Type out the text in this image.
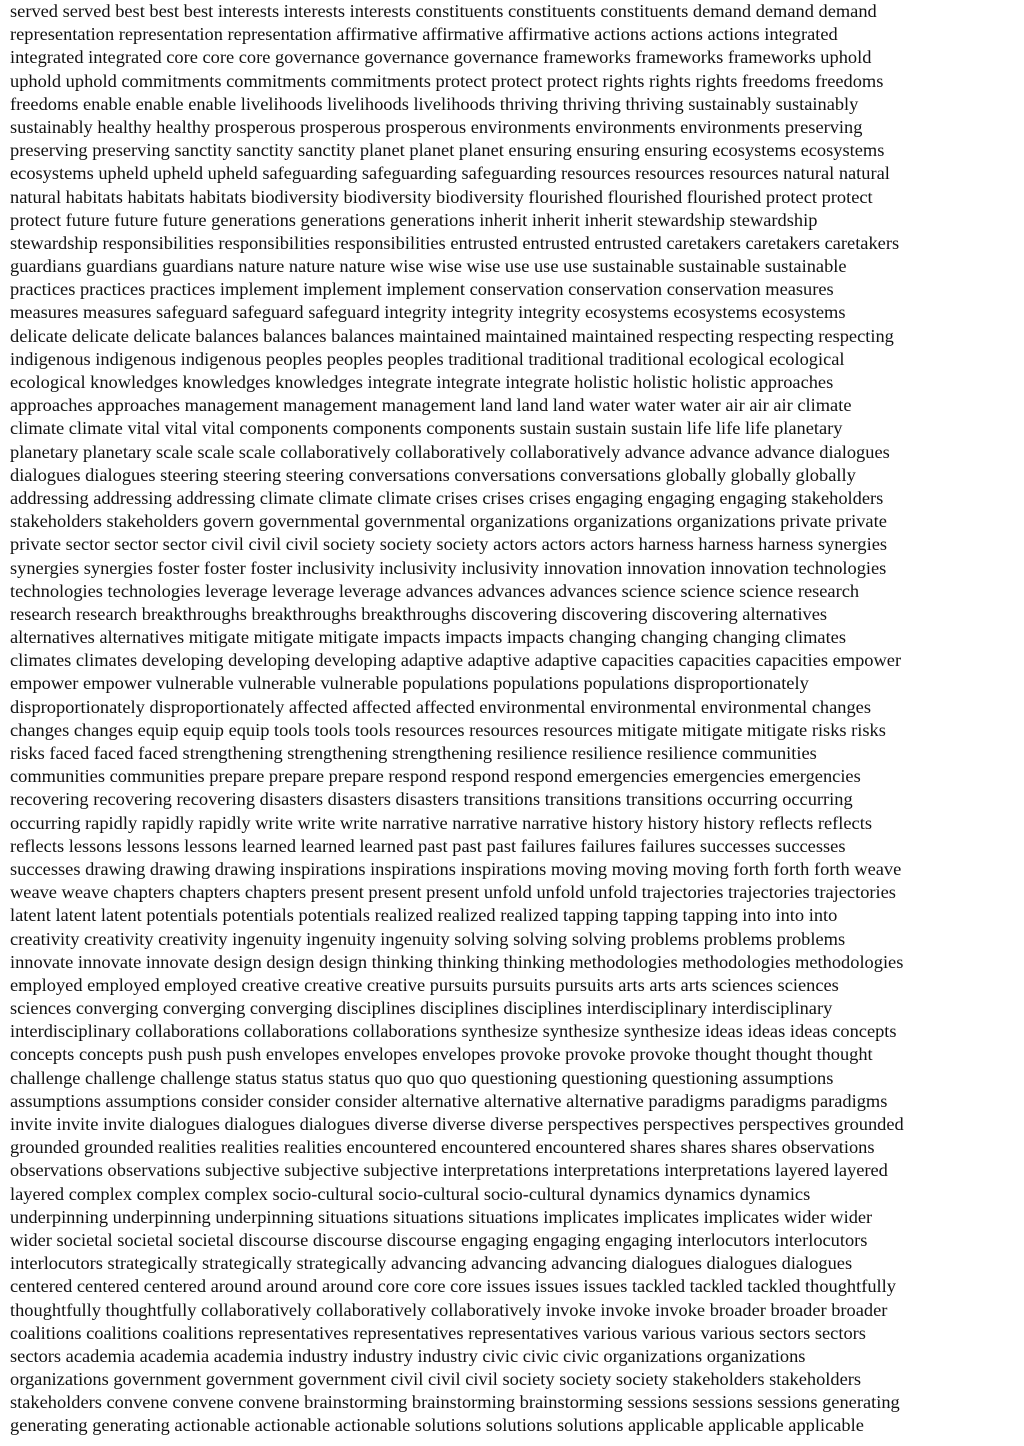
served served best best best interests interests interests constituents constituents constituents demand demand demand
representation representation representation affirmative affirmative affirmative actions actions actions integrated
integrated integrated core core core governance governance governance frameworks frameworks frameworks uphold
uphold uphold commitments commitments commitments protect protect protect rights rights rights freedoms freedoms
freedoms enable enable enable livelihoods livelihoods livelihoods thriving thriving thriving sustainably sustainably
sustainably healthy healthy prosperous prosperous prosperous environments environments environments preserving
preserving preserving sanctity sanctity sanctity planet planet planet ensuring ensuring ensuring ecosystems ecosystems
ecosystems upheld upheld upheld safeguarding safeguarding safeguarding resources resources resources natural natural
natural habitats habitats habitats biodiversity biodiversity biodiversity flourished flourished flourished protect protect
protect future future future generations generations generations inherit inherit inherit stewardship stewardship
stewardship responsibilities responsibilities responsibilities entrusted entrusted entrusted caretakers caretakers caretakers
guardians guardians guardians nature nature nature wise wise wise use use use sustainable sustainable sustainable
practices practices practices implement implement implement conservation conservation conservation measures
measures measures safeguard safeguard safeguard integrity integrity integrity ecosystems ecosystems ecosystems
delicate delicate delicate balances balances balances maintained maintained maintained respecting respecting respecting
indigenous indigenous indigenous peoples peoples peoples traditional traditional traditional ecological ecological
ecological knowledges knowledges knowledges integrate integrate integrate holistic holistic holistic approaches
approaches approaches management management management land land land water water water air air air climate
climate climate vital vital vital components components components sustain sustain sustain life life life planetary
planetary planetary scale scale scale collaboratively collaboratively collaboratively advance advance advance dialogues
dialogues dialogues steering steering steering conversations conversations conversations globally globally globally
addressing addressing addressing climate climate climate crises crises crises engaging engaging engaging stakeholders
stakeholders stakeholders govern governmental governmental organizations organizations organizations private private
private sector sector sector civil civil civil society society society actors actors actors harness harness harness synergies
synergies synergies foster foster foster inclusivity inclusivity inclusivity innovation innovation innovation technologies
technologies technologies leverage leverage leverage advances advances advances science science science research
research research breakthroughs breakthroughs breakthroughs discovering discovering discovering alternatives
alternatives alternatives mitigate mitigate mitigate impacts impacts impacts changing changing changing climates
climates climates developing developing developing adaptive adaptive adaptive capacities capacities capacities empower
empower empower vulnerable vulnerable vulnerable populations populations populations disproportionately
disproportionately disproportionately affected affected affected environmental environmental environmental changes
changes changes equip equip equip tools tools tools resources resources resources mitigate mitigate mitigate risks risks
risks faced faced faced strengthening strengthening strengthening resilience resilience resilience communities
communities communities prepare prepare prepare respond respond respond emergencies emergencies emergencies
recovering recovering recovering disasters disasters disasters transitions transitions transitions occurring occurring
occurring rapidly rapidly rapidly write write write narrative narrative narrative history history history reflects reflects
reflects lessons lessons lessons learned learned learned past past past failures failures failures successes successes
successes drawing drawing drawing inspirations inspirations inspirations moving moving moving forth forth forth weave
weave weave chapters chapters chapters present present present unfold unfold unfold trajectories trajectories trajectories
latent latent latent potentials potentials potentials realized realized realized tapping tapping tapping into into into
creativity creativity creativity ingenuity ingenuity ingenuity solving solving solving problems problems problems
innovate innovate innovate design design design thinking thinking thinking methodologies methodologies methodologies
employed employed employed creative creative creative pursuits pursuits pursuits arts arts arts sciences sciences
sciences converging converging converging disciplines disciplines disciplines interdisciplinary interdisciplinary
interdisciplinary collaborations collaborations collaborations synthesize synthesize synthesize ideas ideas ideas concepts
concepts concepts push push push envelopes envelopes envelopes provoke provoke provoke thought thought thought
challenge challenge challenge status status status quo quo quo questioning questioning questioning assumptions
assumptions assumptions consider consider consider alternative alternative alternative paradigms paradigms paradigms
invite invite invite dialogues dialogues dialogues diverse diverse diverse perspectives perspectives perspectives grounded
grounded grounded realities realities realities encountered encountered encountered shares shares shares observations
observations observations subjective subjective subjective interpretations interpretations interpretations layered layered
layered complex complex complex socio-cultural socio-cultural socio-cultural dynamics dynamics dynamics
underpinning underpinning underpinning situations situations situations implicates implicates implicates wider wider
wider societal societal societal discourse discourse discourse engaging engaging engaging interlocutors interlocutors
interlocutors strategically strategically strategically advancing advancing advancing dialogues dialogues dialogues
centered centered centered around around around core core core issues issues issues tackled tackled tackled thoughtfully
thoughtfully thoughtfully collaboratively collaboratively collaboratively invoke invoke invoke broader broader broader
coalitions coalitions coalitions representatives representatives representatives various various various sectors sectors
sectors academia academia academia industry industry industry civic civic civic organizations organizations
organizations government government government civil civil civil society society society stakeholders stakeholders
stakeholders convene convene convene brainstorming brainstorming brainstorming sessions sessions sessions generating
generating generating actionable actionable actionable solutions solutions solutions applicable applicable applicable
